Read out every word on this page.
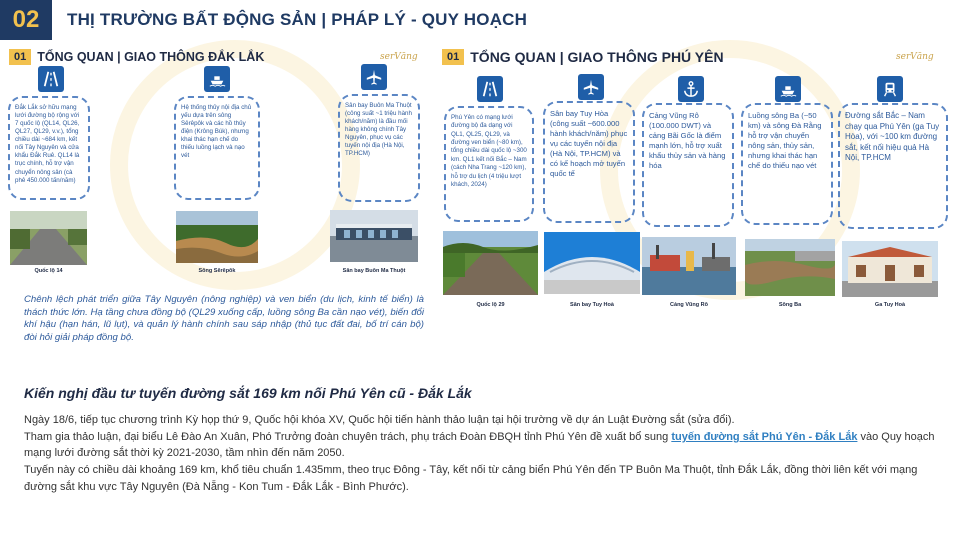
02	THỊ TRƯỜNG BẤT ĐỘNG SẢN | PHÁP LÝ - QUY HOẠCH
01 TỔNG QUAN | GIAO THÔNG ĐẮK LẮK	serVāng	01 TỔNG QUAN | GIAO THÔNG PHÚ YÊN	serVāng
Đắk Lắk sở hữu mạng lưới đường bộ rộng với 7 quốc lộ (QL14, QL26, QL27, QL29, v.v.), tổng chiều dài ~684 km, kết nối Tây Nguyên và cửa khẩu Đắk Ruê. QL14 là trục chính, hỗ trợ vận chuyển nông sản (cà phê 450.000 tấn/năm)
Hệ thống thủy nội địa chủ yếu dựa trên sông Sêrêpôk và các hồ thủy điện (Krông Búk), nhưng khai thác hạn chế do thiếu luồng lạch và nạo vét
Sân bay Buôn Ma Thuột (công suất ~1 triệu hành khách/năm) là đầu mối hàng không chính Tây Nguyên, phục vụ các tuyến nội địa (Hà Nội, TP.HCM)
Quốc lộ 14	Sông Sêrêpôk	Sân bay Buôn Ma Thuột
Chênh lệch phát triển giữa Tây Nguyên (nông nghiệp) và ven biển (du lịch, kinh tế biển) là thách thức lớn. Hạ tầng chưa đồng bộ (QL29 xuống cấp, luồng sông Ba cần nạo vét), biến đổi khí hậu (hạn hán, lũ lụt), và quản lý hành chính sau sáp nhập (thủ tục đất đai, bố trí cán bộ) đòi hỏi giải pháp đồng bộ.
Phú Yên có mạng lưới đường bộ đa dạng với QL1, QL25, QL29, và đường ven biển (~80 km), tổng chiều dài quốc lộ ~300 km. QL1 kết nối Bắc – Nam (cách Nha Trang ~120 km), hỗ trợ du lịch (4 triệu lượt khách, 2024)
Sân bay Tuy Hòa (công suất ~600.000 hành khách/năm) phục vụ các tuyến nội địa (Hà Nội, TP.HCM) và có kế hoạch mở tuyến quốc tế
Cảng Vũng Rô (100.000 DWT) và cảng Bãi Gốc là điểm mạnh lớn, hỗ trợ xuất khẩu thủy sản và hàng hóa
Luồng sông Ba (~50 km) và sông Đà Rằng hỗ trợ vận chuyển nông sản, thủy sản, nhưng khai thác hạn chế do thiếu nạo vét
Đường sắt Bắc – Nam chạy qua Phú Yên (ga Tuy Hòa), với ~100 km đường sắt, kết nối hiệu quả Hà Nội, TP.HCM
Quốc lộ 29	Sân bay Tuy Hoà	Cảng Vũng Rô	Sông Ba	Ga Tuy Hoà
Kiến nghị đầu tư tuyến đường sắt 169 km nối Phú Yên cũ - Đắk Lắk

Ngày 18/6, tiếp tục chương trình Kỳ họp thứ 9, Quốc hội khóa XV, Quốc hội tiến hành thảo luận tại hội trường về dự án Luật Đường sắt (sửa đổi).

Tham gia thảo luận, đại biểu Lê Đào An Xuân, Phó Trưởng đoàn chuyên trách, phụ trách Đoàn ĐBQH tỉnh Phú Yên đề xuất bổ sung tuyến đường sắt Phú Yên - Đắk Lắk vào Quy hoạch mạng lưới đường sắt thời kỳ 2021-2030, tầm nhìn đến năm 2050.

Tuyến này có chiều dài khoảng 169 km, khổ tiêu chuẩn 1.435mm, theo trục Đông - Tây, kết nối từ cảng biển Phú Yên đến TP Buôn Ma Thuột, tỉnh Đắk Lắk, đồng thời liên kết với mạng đường sắt khu vực Tây Nguyên (Đà Nẵng - Kon Tum - Đắk Lắk - Bình Phước).
